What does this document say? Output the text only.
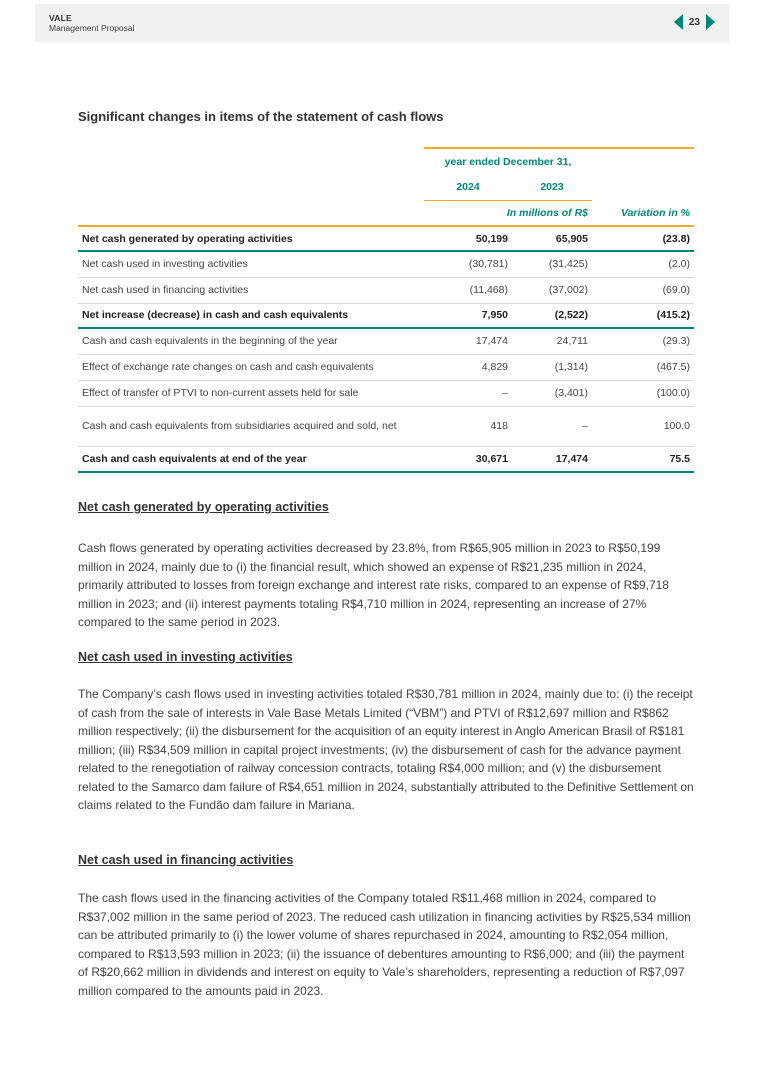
VALE
Management Proposal
23
Significant changes in items of the statement of cash flows
	year ended December 31,		
	2024	2023	
	In millions of R$		Variation in %
Net cash generated by operating activities	50,199	65,905	(23.8)
Net cash used in investing activities	(30,781)	(31,425)	(2.0)
Net cash used in financing activities	(11,468)	(37,002)	(69.0)
Net increase (decrease) in cash and cash equivalents	7,950	(2,522)	(415.2)
Cash and cash equivalents in the beginning of the year	17,474	24,711	(29.3)
Effect of exchange rate changes on cash and cash equivalents	4,829	(1,314)	(467.5)
Effect of transfer of PTVI to non-current assets held for sale	–	(3,401)	(100.0)
Cash and cash equivalents from subsidiaries acquired and sold, net	418	–	100.0
Cash and cash equivalents at end of the year	30,671	17,474	75.5
Net cash generated by operating activities
Cash flows generated by operating activities decreased by 23.8%, from R$65,905 million in 2023 to R$50,199 million in 2024, mainly due to (i) the financial result, which showed an expense of R$21,235 million in 2024, primarily attributed to losses from foreign exchange and interest rate risks, compared to an expense of R$9,718 million in 2023; and (ii) interest payments totaling R$4,710 million in 2024, representing an increase of 27% compared to the same period in 2023.
Net cash used in investing activities
The Company’s cash flows used in investing activities totaled R$30,781 million in 2024, mainly due to: (i) the receipt of cash from the sale of interests in Vale Base Metals Limited (“VBM”) and PTVI of R$12,697 million and R$862 million respectively; (ii) the disbursement for the acquisition of an equity interest in Anglo American Brasil of R$181 million; (iii) R$34,509 million in capital project investments; (iv) the disbursement of cash for the advance payment related to the renegotiation of railway concession contracts, totaling R$4,000 million; and (v) the disbursement related to the Samarco dam failure of R$4,651 million in 2024, substantially attributed to the Definitive Settlement on claims related to the Fundão dam failure in Mariana.
Net cash used in financing activities
The cash flows used in the financing activities of the Company totaled R$11,468 million in 2024, compared to R$37,002 million in the same period of 2023. The reduced cash utilization in financing activities by R$25,534 million can be attributed primarily to (i) the lower volume of shares repurchased in 2024, amounting to R$2,054 million, compared to R$13,593 million in 2023; (ii) the issuance of debentures amounting to R$6,000; and (iii) the payment of R$20,662 million in dividends and interest on equity to Vale’s shareholders, representing a reduction of R$7,097 million compared to the amounts paid in 2023.
